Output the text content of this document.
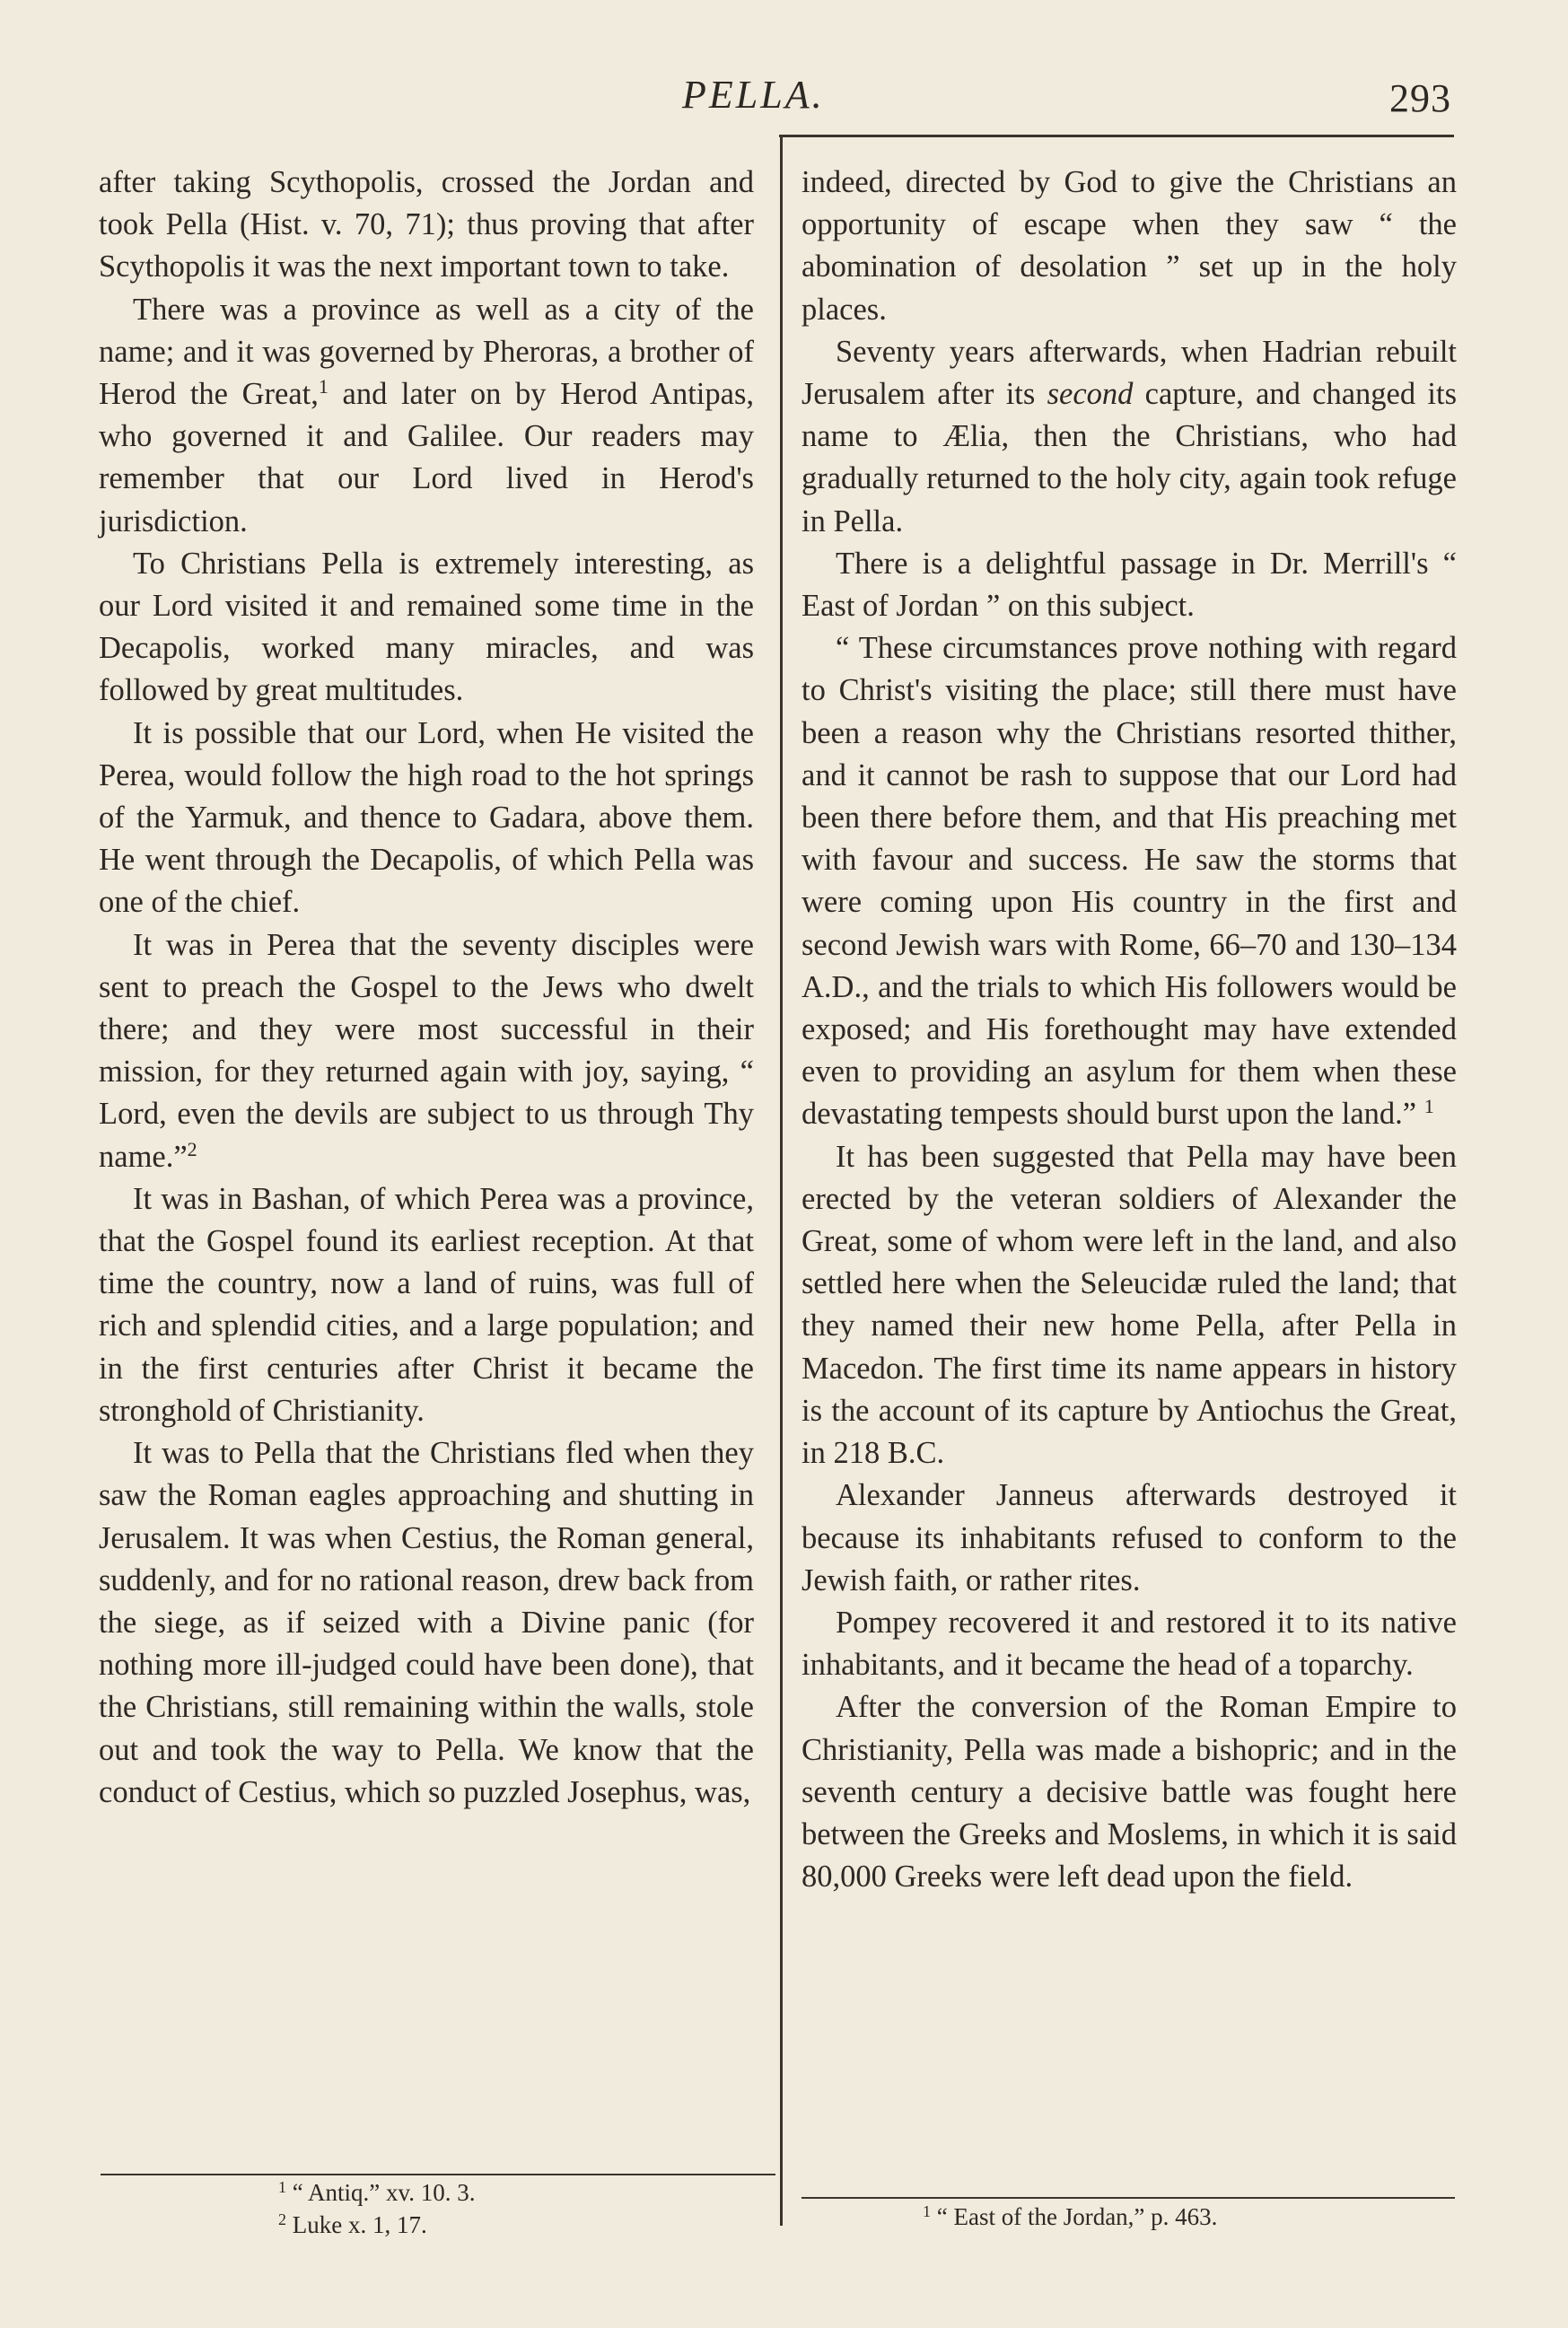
PELLA.	293

after taking Scythopolis, crossed the Jordan and took Pella (Hist. v. 70, 71); thus proving that after Scythopolis it was the next important town to take.

There was a province as well as a city of the name; and it was governed by Pheroras, a brother of Herod the Great,$^1$ and later on by Herod Antipas, who governed it and Galilee. Our readers may remember that our Lord lived in Herod's jurisdiction.

To Christians Pella is extremely interesting, as our Lord visited it and remained some time in the Decapolis, worked many miracles, and was followed by great multitudes.

It is possible that our Lord, when He visited the Perea, would follow the high road to the hot springs of the Yarmuk, and thence to Gadara, above them. He went through the Decapolis, of which Pella was one of the chief.

It was in Perea that the seventy disciples were sent to preach the Gospel to the Jews who dwelt there; and they were most successful in their mission, for they returned again with joy, saying, “ Lord, even the devils are subject to us through Thy name.”$^2$

It was in Bashan, of which Perea was a province, that the Gospel found its earliest reception. At that time the country, now a land of ruins, was full of rich and splendid cities, and a large population; and in the first centuries after Christ it became the stronghold of Christianity.

It was to Pella that the Christians fled when they saw the Roman eagles approaching and shutting in Jerusalem. It was when Cestius, the Roman general, suddenly, and for no rational reason, drew back from the siege, as if seized with a Divine panic (for nothing more ill-judged could have been done), that the Christians, still remaining within the walls, stole out and took the way to Pella. We know that the conduct of Cestius, which so puzzled Josephus, was,

indeed, directed by God to give the Christians an opportunity of escape when they saw “ the abomination of desolation ” set up in the holy places.

Seventy years afterwards, when Hadrian rebuilt Jerusalem after its second capture, and changed its name to Ælia, then the Christians, who had gradually returned to the holy city, again took refuge in Pella.

There is a delightful passage in Dr. Merrill's “ East of Jordan ” on this subject.

“ These circumstances prove nothing with regard to Christ's visiting the place; still there must have been a reason why the Christians resorted thither, and it cannot be rash to suppose that our Lord had been there before them, and that His preaching met with favour and success. He saw the storms that were coming upon His country in the first and second Jewish wars with Rome, 66–70 and 130–134 A.D., and the trials to which His followers would be exposed; and His forethought may have extended even to providing an asylum for them when these devastating tempests should burst upon the land.” $^1$

It has been suggested that Pella may have been erected by the veteran soldiers of Alexander the Great, some of whom were left in the land, and also settled here when the Seleucidæ ruled the land; that they named their new home Pella, after Pella in Macedon. The first time its name appears in history is the account of its capture by Antiochus the Great, in 218 B.C.

Alexander Janneus afterwards destroyed it because its inhabitants refused to conform to the Jewish faith, or rather rites.

Pompey recovered it and restored it to its native inhabitants, and it became the head of a toparchy.

After the conversion of the Roman Empire to Christianity, Pella was made a bishopric; and in the seventh century a decisive battle was fought here between the Greeks and Moslems, in which it is said 80,000 Greeks were left dead upon the field.

$^1$ “ Antiq.” xv. 10. 3.

$^2$ Luke x. 1, 17.	$^1$ “ East of the Jordan,” p. 463.
